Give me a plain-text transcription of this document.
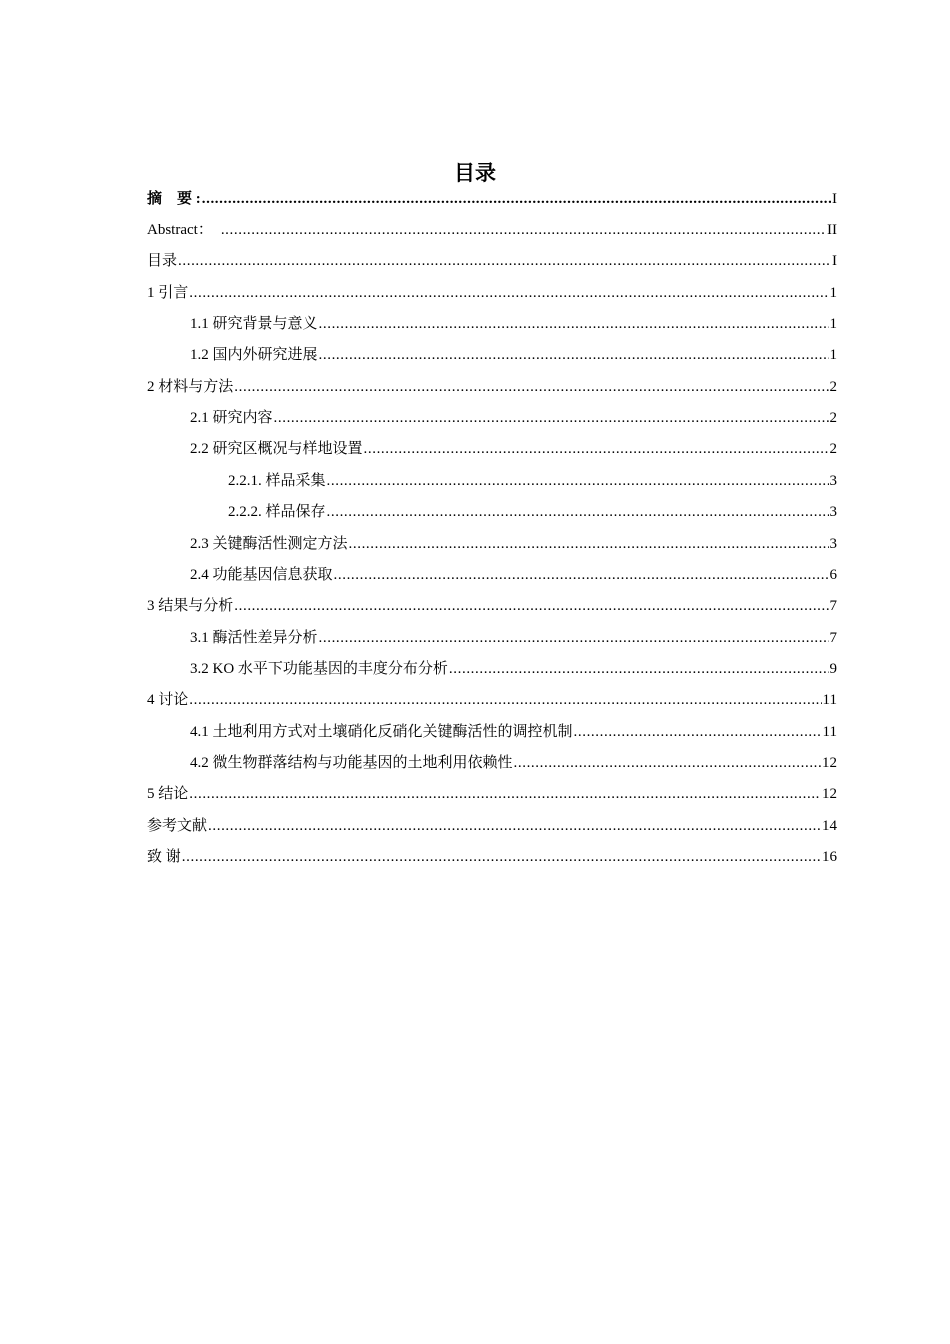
目录
摘　要 : .....	I
Abstract： .....	II
目录 .....	I
1 引言 .....	1
1.1 研究背景与意义 .....	1
1.2 国内外研究进展 .....	1
2 材料与方法 .....	2
2.1 研究内容 .....	2
2.2 研究区概况与样地设置 .....	2
2.2.1. 样品采集 .....	3
2.2.2. 样品保存 .....	3
2.3 关键酶活性测定方法 .....	3
2.4 功能基因信息获取 .....	6
3 结果与分析 .....	7
3.1 酶活性差异分析 .....	7
3.2 KO 水平下功能基因的丰度分布分析 .....	9
4 讨论 .....	11
4.1 土地利用方式对土壤硝化反硝化关键酶活性的调控机制 .....	11
4.2 微生物群落结构与功能基因的土地利用依赖性 .....	12
5 结论 .....	12
参考文献 .....	14
致 谢 .....	16
